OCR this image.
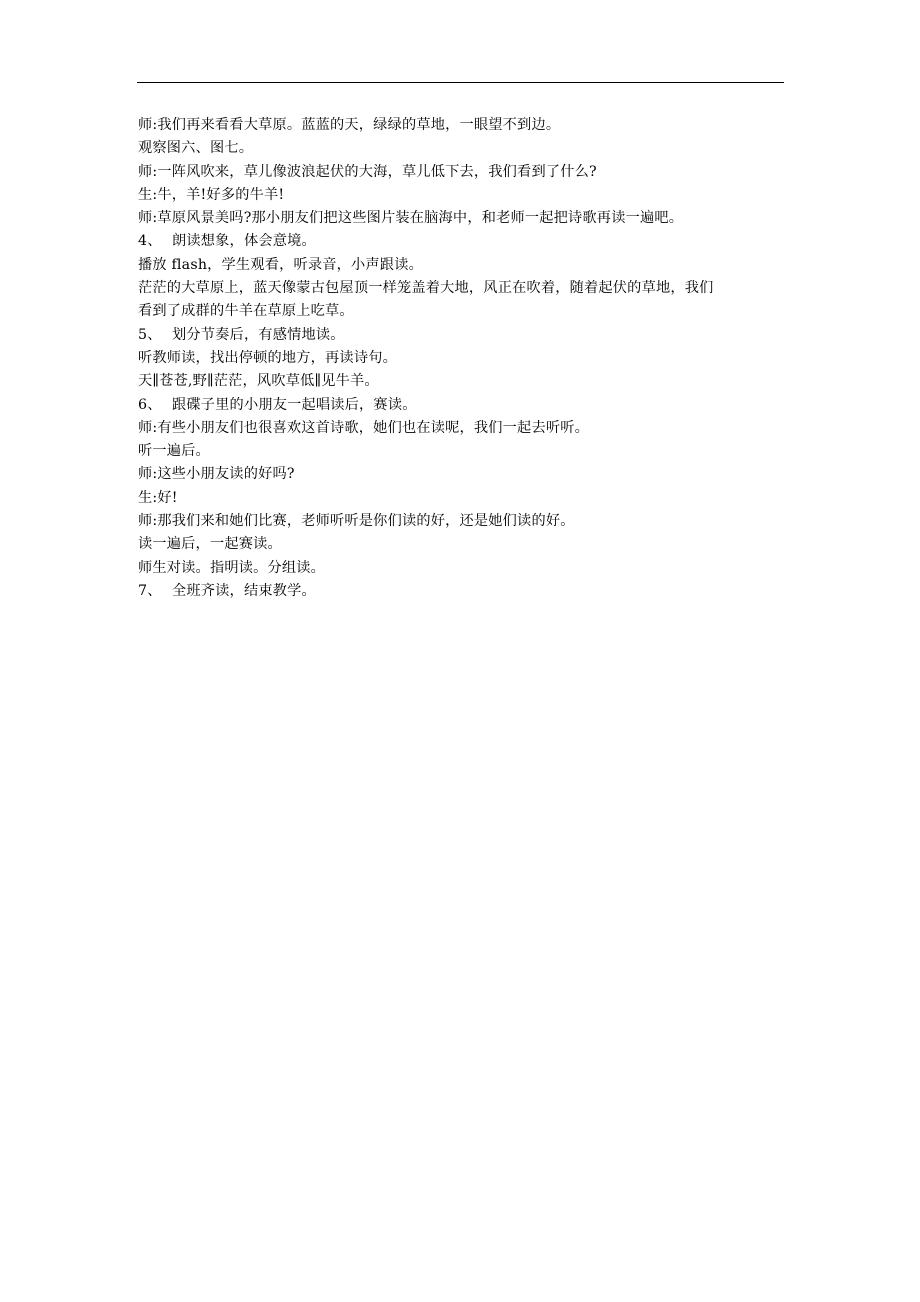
师:我们再来看看大草原。蓝蓝的天，绿绿的草地，一眼望不到边。
观察图六、图七。
师:一阵风吹来，草儿像波浪起伏的大海，草儿低下去，我们看到了什么?
生:牛，羊!好多的牛羊!
师:草原风景美吗?那小朋友们把这些图片装在脑海中，和老师一起把诗歌再读一遍吧。
4、 朗读想象，体会意境。
播放 flash，学生观看，听录音，小声跟读。
茫茫的大草原上，蓝天像蒙古包屋顶一样笼盖着大地，风正在吹着，随着起伏的草地，我们
看到了成群的牛羊在草原上吃草。
5、 划分节奏后，有感情地读。
听教师读，找出停顿的地方，再读诗句。
天∥苍苍,野∥茫茫，风吹草低∥见牛羊。
6、 跟碟子里的小朋友一起唱读后，赛读。
师:有些小朋友们也很喜欢这首诗歌，她们也在读呢，我们一起去听听。
听一遍后。
师:这些小朋友读的好吗?
生:好!
师:那我们来和她们比赛，老师听听是你们读的好，还是她们读的好。
读一遍后，一起赛读。
师生对读。指明读。分组读。
7、 全班齐读，结束教学。
